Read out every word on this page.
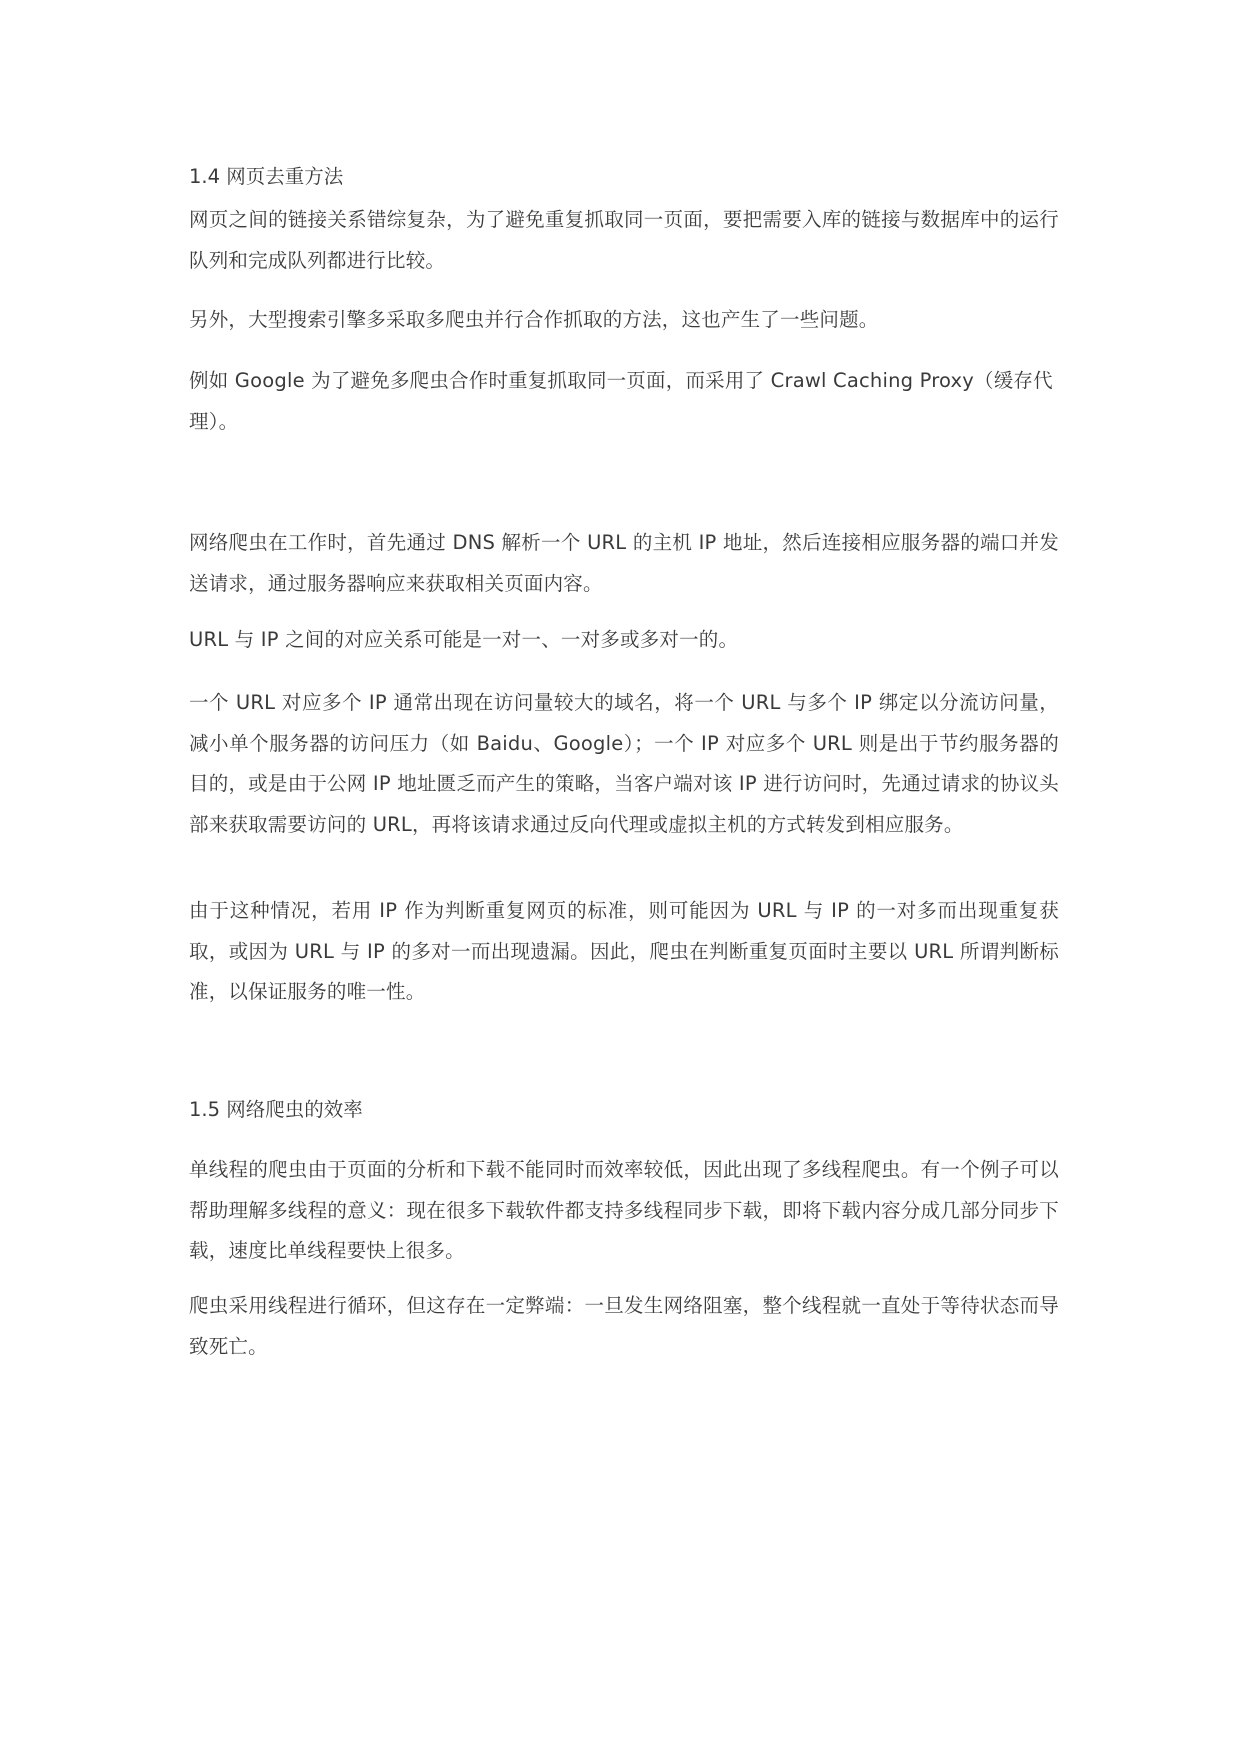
1.4 网页去重方法

网页之间的链接关系错综复杂，为了避免重复抓取同一页面，要把需要入库的链接与数据库中的运行队列和完成队列都进行比较。

另外，大型搜索引擎多采取多爬虫并行合作抓取的方法，这也产生了一些问题。

例如 Google 为了避免多爬虫合作时重复抓取同一页面，而采用了 Crawl Caching Proxy（缓存代理）。

网络爬虫在工作时，首先通过 DNS 解析一个 URL 的主机 IP 地址，然后连接相应服务器的端口并发送请求，通过服务器响应来获取相关页面内容。

URL 与 IP 之间的对应关系可能是一对一、一对多或多对一的。

一个 URL 对应多个 IP 通常出现在访问量较大的域名，将一个 URL 与多个 IP 绑定以分流访问量，减小单个服务器的访问压力（如 Baidu、Google）；一个 IP 对应多个 URL 则是出于节约服务器的目的，或是由于公网 IP 地址匮乏而产生的策略，当客户端对该 IP 进行访问时，先通过请求的协议头部来获取需要访问的 URL，再将该请求通过反向代理或虚拟主机的方式转发到相应服务。

由于这种情况，若用 IP 作为判断重复网页的标准，则可能因为 URL 与 IP 的一对多而出现重复获取，或因为 URL 与 IP 的多对一而出现遗漏。因此，爬虫在判断重复页面时主要以 URL 所谓判断标准，以保证服务的唯一性。

1.5 网络爬虫的效率

单线程的爬虫由于页面的分析和下载不能同时而效率较低，因此出现了多线程爬虫。有一个例子可以帮助理解多线程的意义：现在很多下载软件都支持多线程同步下载，即将下载内容分成几部分同步下载，速度比单线程要快上很多。

爬虫采用线程进行循环，但这存在一定弊端：一旦发生网络阻塞，整个线程就一直处于等待状态而导致死亡。
